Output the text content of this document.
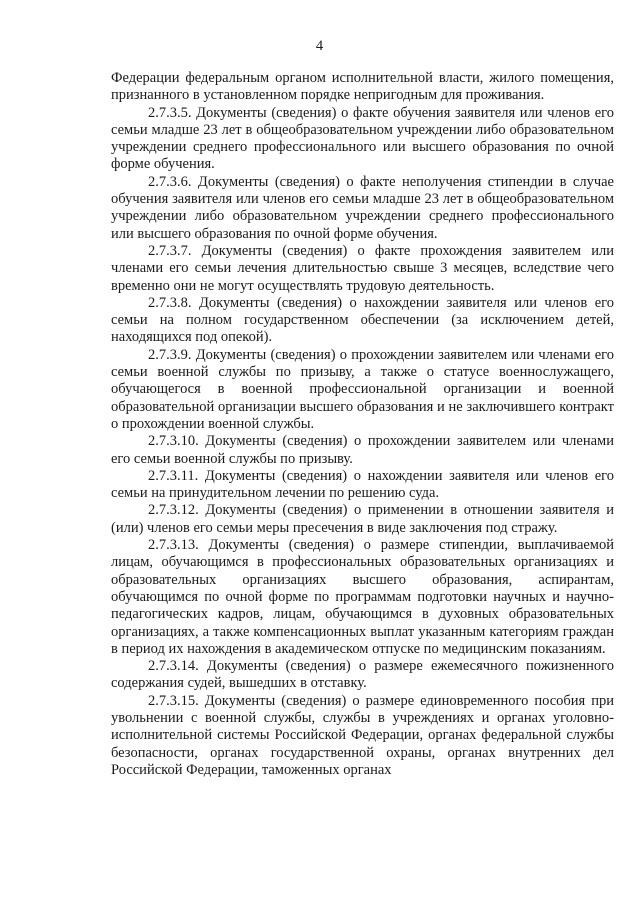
4

Федерации федеральным органом исполнительной власти, жилого помещения, признанного в установленном порядке непригодным для проживания.

2.7.3.5. Документы (сведения) о факте обучения заявителя или членов его семьи младше 23 лет в общеобразовательном учреждении либо образовательном учреждении среднего профессионального или высшего образования по очной форме обучения.

2.7.3.6. Документы (сведения) о факте неполучения стипендии в случае обучения заявителя или членов его семьи младше 23 лет в общеобразовательном учреждении либо образовательном учреждении среднего профессионального или высшего образования по очной форме обучения.

2.7.3.7. Документы (сведения) о факте прохождения заявителем или членами его семьи лечения длительностью свыше 3 месяцев, вследствие чего временно они не могут осуществлять трудовую деятельность.

2.7.3.8. Документы (сведения) о нахождении заявителя или членов его семьи на полном государственном обеспечении (за исключением детей, находящихся под опекой).

2.7.3.9. Документы (сведения) о прохождении заявителем или членами его семьи военной службы по призыву, а также о статусе военнослужащего, обучающегося в военной профессиональной организации и военной образовательной организации высшего образования и не заключившего контракт о прохождении военной службы.

2.7.3.10. Документы (сведения) о прохождении заявителем или членами его семьи военной службы по призыву.

2.7.3.11. Документы (сведения) о нахождении заявителя или членов его семьи на принудительном лечении по решению суда.

2.7.3.12. Документы (сведения) о применении в отношении заявителя и (или) членов его семьи меры пресечения в виде заключения под стражу.

2.7.3.13. Документы (сведения) о размере стипендии, выплачиваемой лицам, обучающимся в профессиональных образовательных организациях и образовательных организациях высшего образования, аспирантам, обучающимся по очной форме по программам подготовки научных и научно-педагогических кадров, лицам, обучающимся в духовных образовательных организациях, а также компенсационных выплат указанным категориям граждан в период их нахождения в академическом отпуске по медицинским показаниям.

2.7.3.14. Документы (сведения) о размере ежемесячного пожизненного содержания судей, вышедших в отставку.

2.7.3.15. Документы (сведения) о размере единовременного пособия при увольнении с военной службы, службы в учреждениях и органах уголовно-исполнительной системы Российской Федерации, органах федеральной службы безопасности, органах государственной охраны, органах внутренних дел Российской Федерации, таможенных органах
